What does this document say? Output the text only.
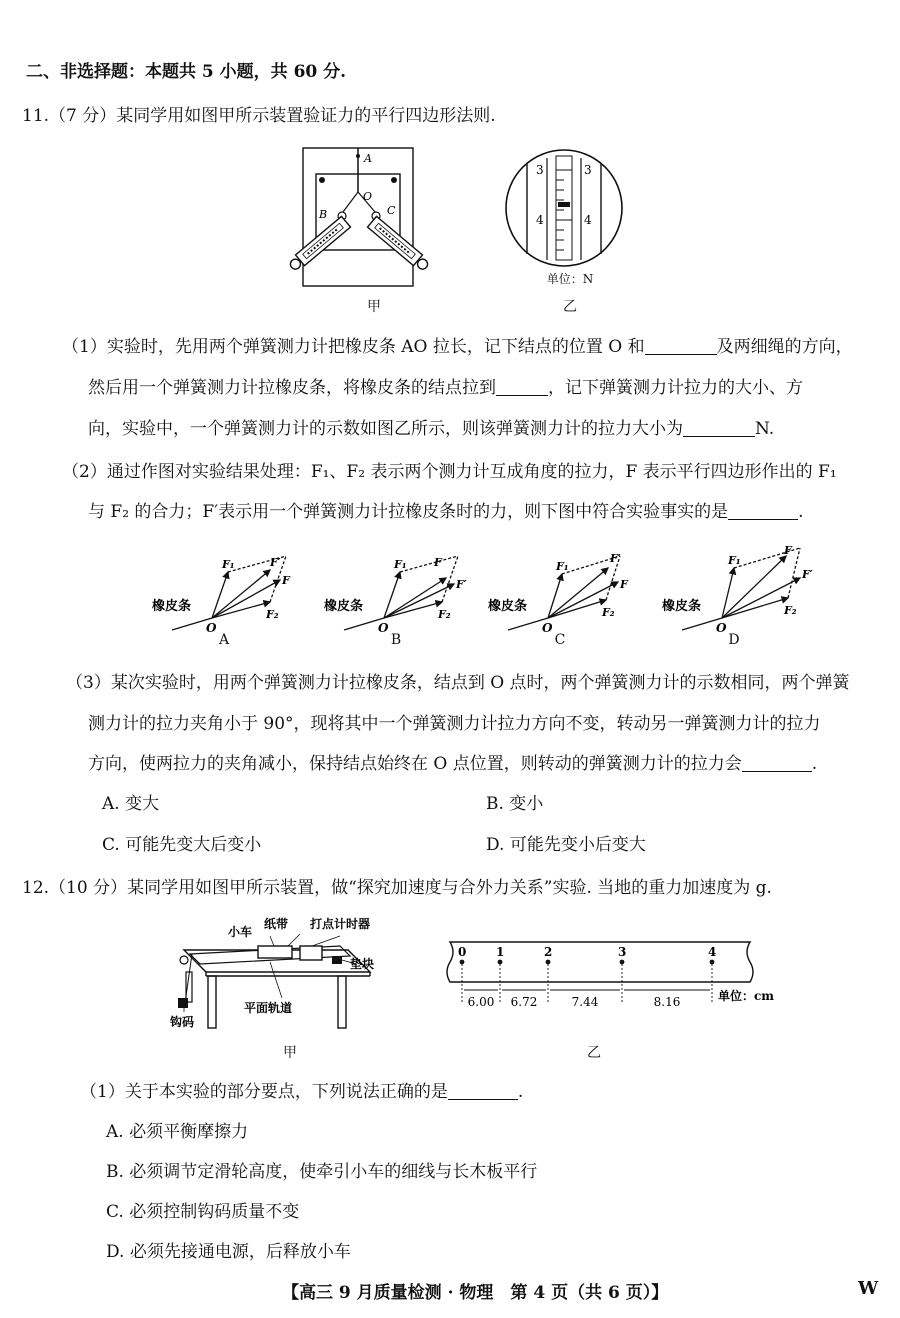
二、非选择题：本题共 5 小题，共 60 分.
11.（7 分）某同学用如图甲所示装置验证力的平行四边形法则.
A
O
B	C
甲
3	3
4	4
单位：N
乙
（1）实验时，先用两个弹簧测力计把橡皮条 AO 拉长，记下结点的位置 O 和	及两细绳的方向，
然后用一个弹簧测力计拉橡皮条，将橡皮条的结点拉到	，记下弹簧测力计拉力的大小、方
向，实验中，一个弹簧测力计的示数如图乙所示，则该弹簧测力计的拉力大小为	N.
（2）通过作图对实验结果处理：F₁、F₂ 表示两个测力计互成角度的拉力，F 表示平行四边形作出的 F₁
与 F₂ 的合力；F′表示用一个弹簧测力计拉橡皮条时的力，则下图中符合实验事实的是	.
橡皮条
O
F₁
F₂
F
F′
A
橡皮条
O
F₁
F₂
F
F′
B
橡皮条
O
F₁
F₂
F
F′
C
橡皮条
O
F₁
F₂
F
F′
D
（3）某次实验时，用两个弹簧测力计拉橡皮条，结点到 O 点时，两个弹簧测力计的示数相同，两个弹簧
测力计的拉力夹角小于 90°，现将其中一个弹簧测力计拉力方向不变，转动另一弹簧测力计的拉力
方向，使两拉力的夹角减小，保持结点始终在 O 点位置，则转动的弹簧测力计的拉力会	.
A. 变大	B. 变小
C. 可能先变大后变小	D. 可能先变小后变大
12.（10 分）某同学用如图甲所示装置，做“探究加速度与合外力关系”实验. 当地的重力加速度为 g.
小车
纸带 打点计时器
垫块
平面轨道
钩码
甲
0 1	2	3	4
6.00 6.72	7.44	8.16	单位：cm
乙
（1）关于本实验的部分要点，下列说法正确的是	.
A. 必须平衡摩擦力
B. 必须调节定滑轮高度，使牵引小车的细线与长木板平行
C. 必须控制钩码质量不变
D. 必须先接通电源，后释放小车
【高三 9 月质量检测 · 物理　第 4 页（共 6 页）】	W
